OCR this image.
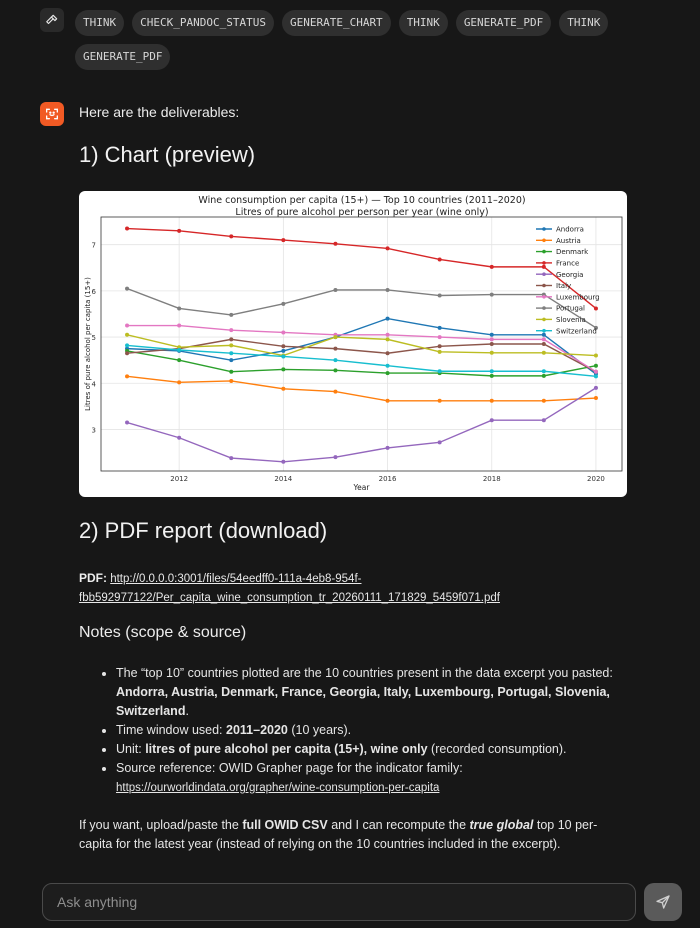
THINK	CHECK_PANDOC_STATUS	GENERATE_CHART	THINK	GENERATE_PDF	THINK
GENERATE_PDF
Here are the deliverables:
1) Chart (preview)
Wine consumption per capita (15+) — Top 10 countries (2011–2020)
Litres of pure alcohol per person per year (wine only)
3
4
5
6
7
2012	2014	2016	2018	2020
Year
Litres of pure alcohol per capita (15+)
Andorra
Austria
Denmark
France
Georgia
Italy
Luxembourg
Portugal
Slovenia
Switzerland
2) PDF report (download)
PDF: http://0.0.0.0:3001/files/54eedff0-111a-4eb8-954f-fbb592977122/Per_capita_wine_consumption_tr_20260111_171829_5459f071.pdf
Notes (scope & source)
• The “top 10” countries plotted are the 10 countries present in the data excerpt you pasted: Andorra, Austria, Denmark, France, Georgia, Italy, Luxembourg, Portugal, Slovenia, Switzerland.
• Time window used: 2011–2020 (10 years).
• Unit: litres of pure alcohol per capita (15+), wine only (recorded consumption).
• Source reference: OWID Grapher page for the indicator family:
https://ourworldindata.org/grapher/wine-consumption-per-capita
If you want, upload/paste the full OWID CSV and I can recompute the true global top 10 per-capita for the latest year (instead of relying on the 10 countries included in the excerpt).
Ask anything
